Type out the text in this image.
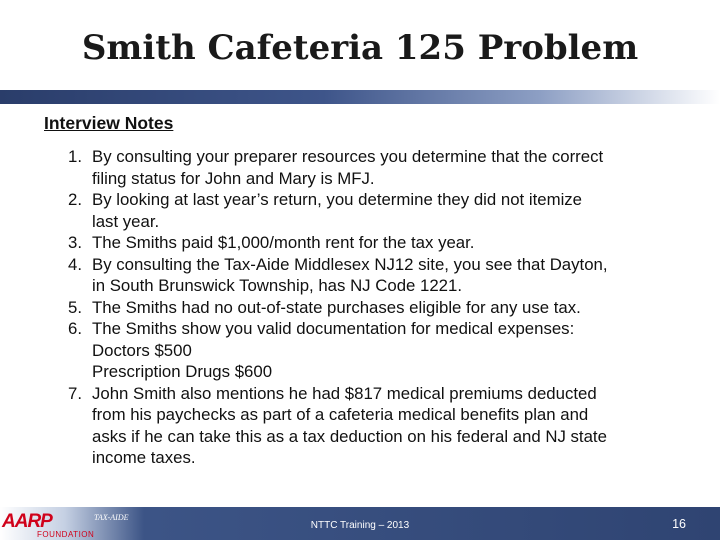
Smith Cafeteria 125 Problem
Interview Notes
1. By consulting your preparer resources you determine that the correct
filing status for John and Mary is MFJ.
2. By looking at last year’s return, you determine they did not itemize
last year.
3. The Smiths paid $1,000/month rent for the tax year.
4. By consulting the Tax-Aide Middlesex NJ12 site, you see that Dayton,
in South Brunswick Township, has NJ Code 1221.
5. The Smiths had no out-of-state purchases eligible for any use tax.
6. The Smiths show you valid documentation for medical expenses:
Doctors $500
Prescription Drugs $600
7. John Smith also mentions he had $817 medical premiums deducted
from his paychecks as part of a cafeteria medical benefits plan and
asks if he can take this as a tax deduction on his federal and NJ state
income taxes.
AARP
FOUNDATION
TAX-AIDE
NTTC Training – 2013	16
